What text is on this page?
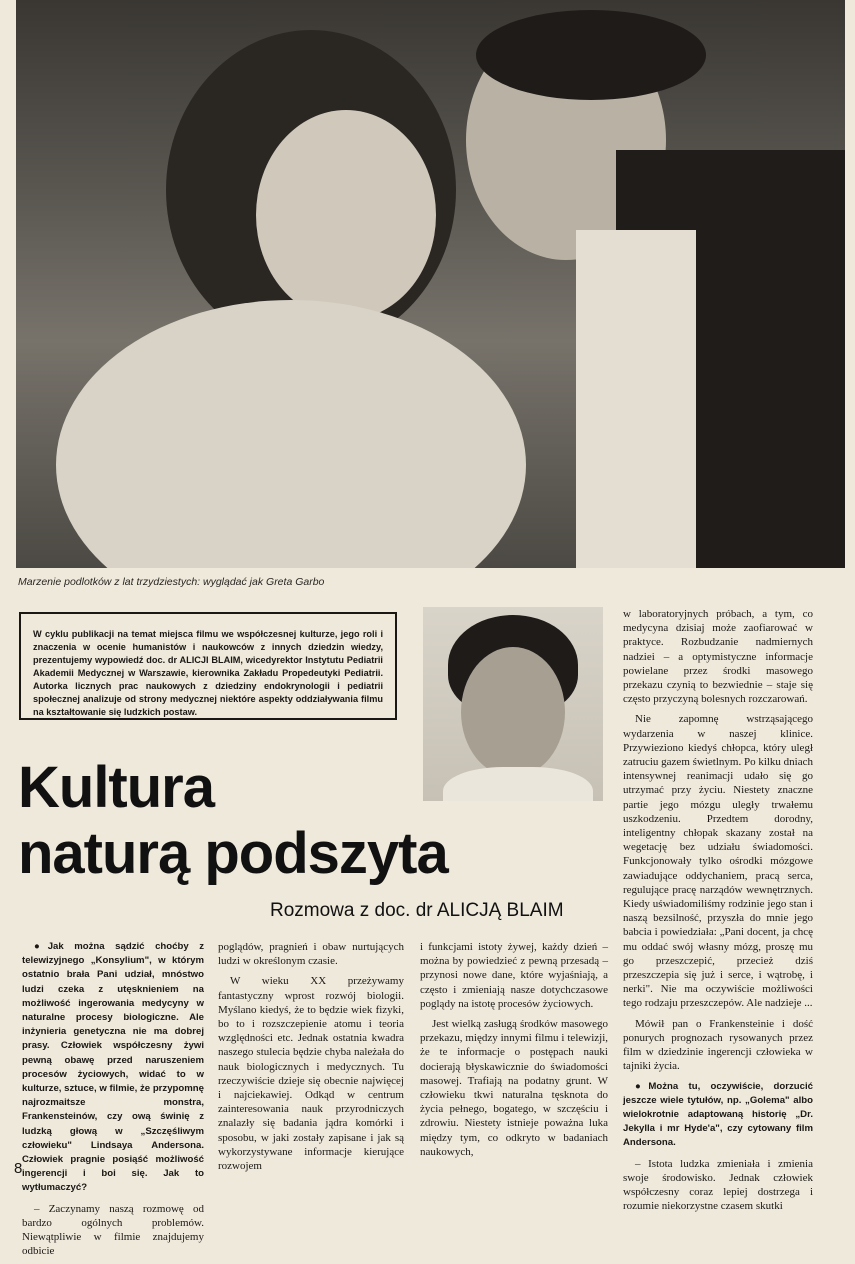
Marzenie podlotków z lat trzydziestych: wyglądać jak Greta Garbo
W cyklu publikacji na temat miejsca filmu we współczesnej kulturze, jego roli i znaczenia w ocenie humanistów i naukowców z innych dziedzin wiedzy, prezentujemy wypowiedź doc. dr ALICJI BLAIM, wicedyrektor Instytutu Pediatrii Akademii Medycznej w Warszawie, kierownika Zakładu Propedeutyki Pediatrii. Autorka licznych prac naukowych z dziedziny endokrynologii i pediatrii społecznej analizuje od strony medycznej niektóre aspekty oddziaływania filmu na kształtowanie się ludzkich postaw.
Kultura
naturą podszyta
Rozmowa z doc. dr ALICJĄ BLAIM

● Jak można sądzić choćby z telewizyjnego „Konsylium", w którym ostatnio brała Pani udział, mnóstwo ludzi czeka z utęsknieniem na możliwość ingerowania medycyny w naturalne procesy biologiczne. Ale inżynieria genetyczna nie ma dobrej prasy. Człowiek współczesny żywi pewną obawę przed naruszeniem procesów życiowych, widać to w kulturze, sztuce, w filmie, że przypomnę najrozmaitsze monstra, Frankensteinów, czy ową świnię z ludzką głową w „Szczęśliwym człowieku" Lindsaya Andersona. Człowiek pragnie posiąść możliwość ingerencji i boi się. Jak to wytłumaczyć?

– Zaczynamy naszą rozmowę od bardzo ogólnych problemów. Niewątpliwie w filmie znajdujemy odbicie

poglądów, pragnień i obaw nurtujących ludzi w określonym czasie.

W wieku XX przeżywamy fantastyczny wprost rozwój biologii. Myślano kiedyś, że to będzie wiek fizyki, bo to i rozszczepienie atomu i teoria względności etc. Jednak ostatnia kwadra naszego stulecia będzie chyba należała do nauk biologicznych i medycznych. Tu rzeczywiście dzieje się obecnie najwięcej i najciekawiej. Odkąd w centrum zainteresowania nauk przyrodniczych znalazły się badania jądra komórki i sposobu, w jaki zostały zapisane i jak są wykorzystywane informacje kierujące rozwojem

i funkcjami istoty żywej, każdy dzień – można by powiedzieć z pewną przesadą – przynosi nowe dane, które wyjaśniają, a często i zmieniają nasze dotychczasowe poglądy na istotę procesów życiowych.

Jest wielką zasługą środków masowego przekazu, między innymi filmu i telewizji, że te informacje o postępach nauki docierają błyskawicznie do świadomości masowej. Trafiają na podatny grunt. W człowieku tkwi naturalna tęsknota do życia pełnego, bogatego, w szczęściu i zdrowiu. Niestety istnieje poważna luka między tym, co odkryto w badaniach naukowych,

w laboratoryjnych próbach, a tym, co medycyna dzisiaj może zaofiarować w praktyce. Rozbudzanie nadmiernych nadziei – a optymistyczne informacje powielane przez środki masowego przekazu czynią to bezwiednie – staje się często przyczyną bolesnych rozczarowań.

Nie zapomnę wstrząsającego wydarzenia w naszej klinice. Przywieziono kiedyś chłopca, który uległ zatruciu gazem świetlnym. Po kilku dniach intensywnej reanimacji udało się go utrzymać przy życiu. Niestety znaczne partie jego mózgu uległy trwałemu uszkodzeniu. Przedtem dorodny, inteligentny chłopak skazany został na wegetację bez udziału świadomości. Funkcjonowały tylko ośrodki mózgowe zawiadujące oddychaniem, pracą serca, regulujące pracę narządów wewnętrznych. Kiedy uświadomiliśmy rodzinie jego stan i naszą bezsilność, przyszła do mnie jego babcia i powiedziała: „Pani docent, ja chcę mu oddać swój własny mózg, proszę mu go przeszczepić, przecież dziś przeszczepia się już i serce, i wątrobę, i nerki". Nie ma oczywiście możliwości tego rodzaju przeszczepów. Ale nadzieje ...

Mówił pan o Frankensteinie i dość ponurych prognozach rysowanych przez film w dziedzinie ingerencji człowieka w tajniki życia.

● Można tu, oczywiście, dorzucić jeszcze wiele tytułów, np. „Golema" albo wielokrotnie adaptowaną historię „Dr. Jekylla i mr Hyde'a", czy cytowany film Andersona.

– Istota ludzka zmieniała i zmienia swoje środowisko. Jednak człowiek współczesny coraz lepiej dostrzega i rozumie niekorzystne czasem skutki

8
